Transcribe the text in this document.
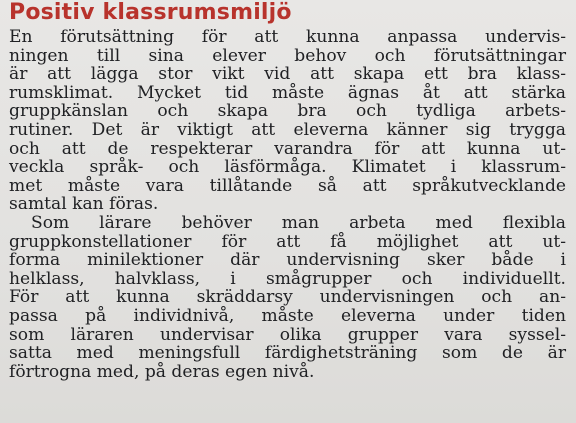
Positiv klassrumsmiljö
En förutsättning för att kunna anpassa undervis-
ningen till sina elever behov och förutsättningar
är att lägga stor vikt vid att skapa ett bra klass-
rumsklimat. Mycket tid måste ägnas åt att stärka
gruppkänslan och skapa bra och tydliga arbets-
rutiner. Det är viktigt att eleverna känner sig trygga
och att de respekterar varandra för att kunna ut-
veckla språk- och läsförmåga. Klimatet i klassrum-
met måste vara tillåtande så att språkutvecklande
samtal kan föras.
Som lärare behöver man arbeta med flexibla
gruppkonstellationer för att få möjlighet att ut-
forma minilektioner där undervisning sker både i
helklass, halvklass, i smågrupper och individuellt.
För att kunna skräddarsy undervisningen och an-
passa på individnivå, måste eleverna under tiden
som läraren undervisar olika grupper vara syssel-
satta med meningsfull färdighetsträning som de är
förtrogna med, på deras egen nivå.
